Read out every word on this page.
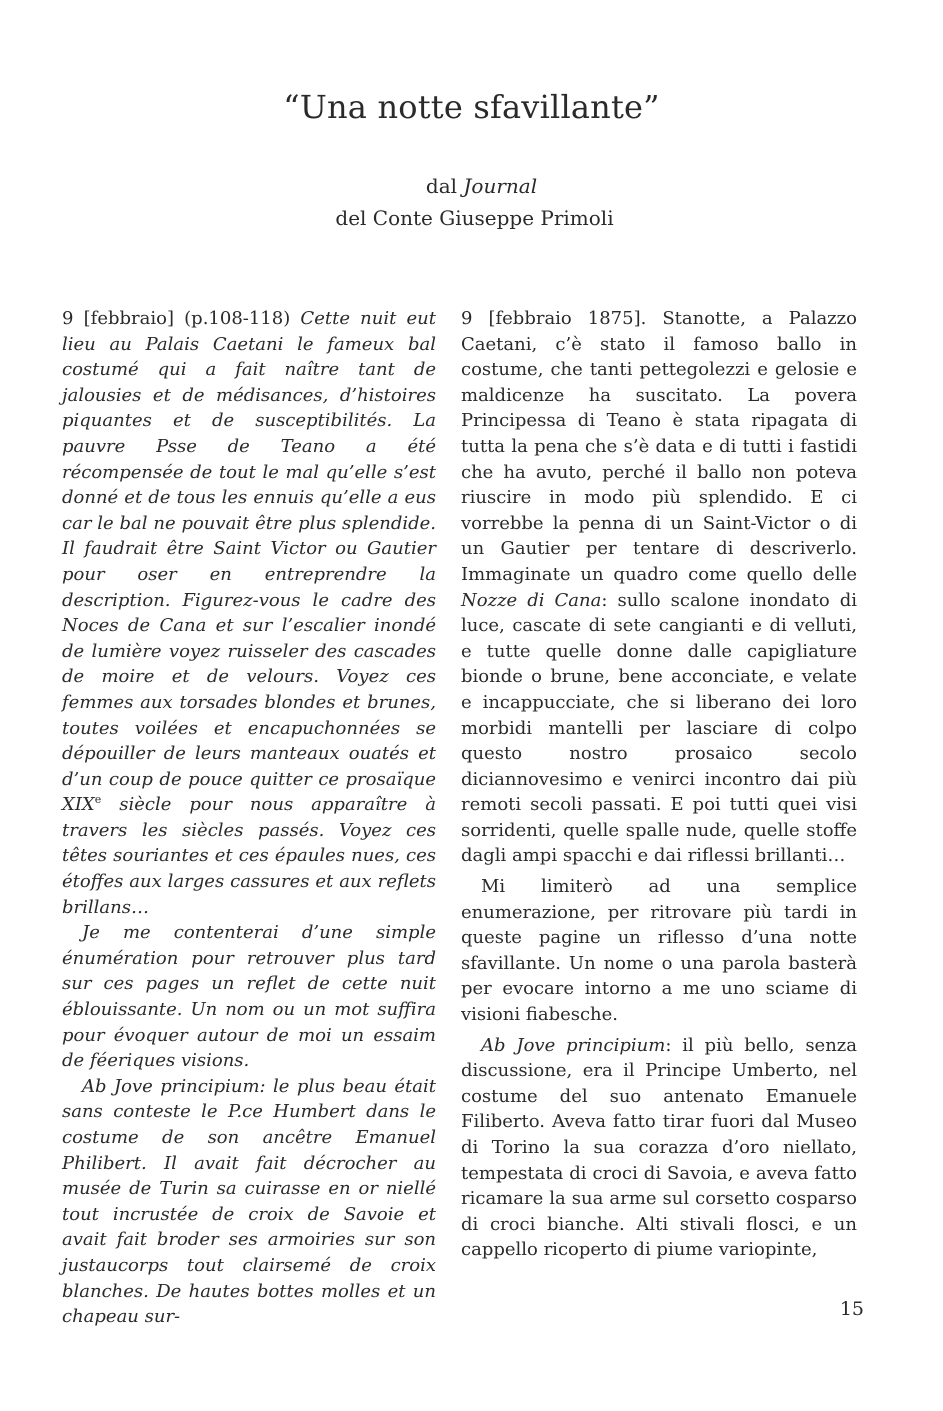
“Una notte sfavillante”
dal Journal
del Conte Giuseppe Primoli

9 [febbraio] (p.108-118) Cette nuit eut lieu au Palais Caetani le fameux bal costumé qui a fait naître tant de jalousies et de médisances, d’histoires piquantes et de susceptibilités. La pauvre Psse de Teano a été récompensée de tout le mal qu’elle s’est donné et de tous les ennuis qu’elle a eus car le bal ne pouvait être plus splendide. Il faudrait être Saint Victor ou Gautier pour oser en entreprendre la description. Figurez-vous le cadre des Noces de Cana et sur l’escalier inondé de lumière voyez ruisseler des cascades de moire et de velours. Voyez ces femmes aux torsades blondes et brunes, toutes voilées et encapuchonnées se dépouiller de leurs manteaux ouatés et d’un coup de pouce quitter ce prosaïque XIXe siècle pour nous apparaître à travers les siècles passés. Voyez ces têtes souriantes et ces épaules nues, ces étoffes aux larges cassures et aux reflets brillans…

Je me contenterai d’une simple énumération pour retrouver plus tard sur ces pages un reflet de cette nuit éblouissante. Un nom ou un mot suffira pour évoquer autour de moi un essaim de féeriques visions.

Ab Jove principium: le plus beau était sans conteste le P.ce Humbert dans le costume de son ancêtre Emanuel Philibert. Il avait fait décrocher au musée de Turin sa cuirasse en or niellé tout incrustée de croix de Savoie et avait fait broder ses armoiries sur son justaucorps tout clairsemé de croix blanches. De hautes bottes molles et un chapeau sur-

9 [febbraio 1875]. Stanotte, a Palazzo Caetani, c’è stato il famoso ballo in costume, che tanti pettegolezzi e gelosie e maldicenze ha suscitato. La povera Principessa di Teano è stata ripagata di tutta la pena che s’è data e di tutti i fastidi che ha avuto, perché il ballo non poteva riuscire in modo più splendido. E ci vorrebbe la penna di un Saint-Victor o di un Gautier per tentare di descriverlo. Immaginate un quadro come quello delle Nozze di Cana: sullo scalone inondato di luce, cascate di sete cangianti e di velluti, e tutte quelle donne dalle capigliature bionde o brune, bene acconciate, e velate e incappucciate, che si liberano dei loro morbidi mantelli per lasciare di colpo questo nostro prosaico secolo diciannovesimo e venirci incontro dai più remoti secoli passati. E poi tutti quei visi sorridenti, quelle spalle nude, quelle stoffe dagli ampi spacchi e dai riflessi brillanti…

Mi limiterò ad una semplice enumerazione, per ritrovare più tardi in queste pagine un riflesso d’una notte sfavillante. Un nome o una parola basterà per evocare intorno a me uno sciame di visioni fiabesche.

Ab Jove principium: il più bello, senza discussione, era il Principe Umberto, nel costume del suo antenato Emanuele Filiberto. Aveva fatto tirar fuori dal Museo di Torino la sua corazza d’oro niellato, tempestata di croci di Savoia, e aveva fatto ricamare la sua arme sul corsetto cosparso di croci bianche. Alti stivali flosci, e un cappello ricoperto di piume variopinte,

15
